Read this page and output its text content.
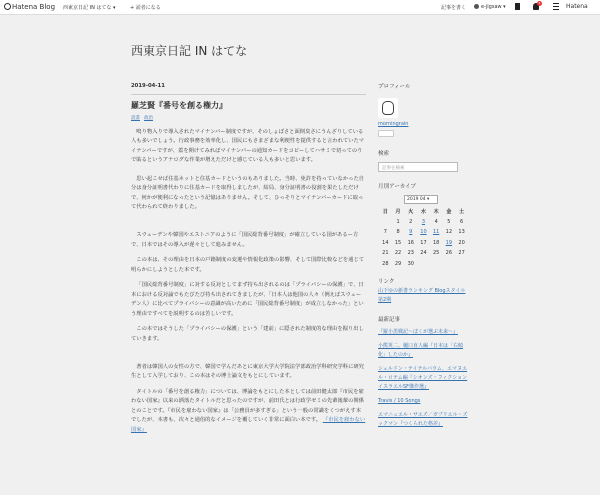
Hatena Blog 西東京日記 IN はてな ▾	+ 読者になる	記事を書く	e-jigsaw ▾
4	Hatena
西東京日記 IN はてな
2019-04-11
羅芝賢『番号を創る権力』
読書 政治
鳴り物入りで導入されたマイナンバー制度ですが、そのしょぼさと面倒臭さにうんざりしている人も多いでしょう。行政事務を効率化し、国民にもさまざまな利便性を提供すると言われていたマイナンバーですが、蓋を開けてみればマイナンバーの通知カードをコピーしてハサミで切ってのりで貼るというアナログな作業が増えただけと感じている人も多いと思います。
思い起こせば住基ネットと住基カードというのもありました。当時、免許を持っていなかった自分は身分証明書代わりに住基カードを取得しましたが、結局、身分証明書の役割を果たしただけで、何かが便利になったという記憶はありません。そして、ひっそりとマイナンバーカードに取って代わられて終わりました。
スウェーデンや韓国やエストニアのように「国民総背番号制度」が確立している国があるー方で、日本ではその導入が遅々として進みません。
この本は、その理由を日本の戸籍制度の変遷や情報化政策の影響、そして国際比較などを通じて明らかにしようとした本です。
「国民総背番号制度」に対する反対としてまず持ち出されるのは「プライバシーの保護」で、日本における反対論でもたびたび持ち出されてきましたが、「日本人は他国の人々（例えばスウェーデン人）に比べてプライバシーの意識が高いために「国民総背番号制度」が成立しなかった」という理由ですべてを説明するのは苦しいです。
この本ではそうした「プライバシーの保護」という「建前」に隠された制度的な理由を掘り出していきます。
著者は韓国人の女性の方で、韓国で学んだあとに東京大学大学院法学部政治学科研究学科に研究生として入学しており、この本はその博士論文をもとにしています。
タイトルの「番号を創る権力」については、博論をもとにした本としては前田健太郎『市民を雇わない国家』以来の洒落たタイトルだと思ったのですが、前田氏とは行政学ゼミの先輩後輩の関係とのことです。『市民を雇わない国家』は「公務員が多すぎる」という一般の常識をくつがえす本でしたが、本書も、次々と通俗的なイメージを覆していく非常に面白い本です。 『市民を雇わない国家』
プロフィール
morningrain
検索
記事を検索
月別アーカイブ
2019 04 ▾
日	月	火	水	木	金	土
	1	2	3	4	5	6
7	8	9	10	11	12	13
14	15	16	17	18	19	20
21	22	23	24	25	26	27
28	29	30				
リンク
山下ゆの新書ランキング Blogスタイル第2期
最新記事
『羅小黒戦記〜ぼくが選ぶ未来〜』
小熊英二、樋口直人編『日本は「右傾化」したのか』
シェルドン・テイテルバウム、エマヌエル・ロテム編『シオンズ・フィクション イスラエルSF傑作選』
Travis / 10 Songs
エマニュエル・サエズ／ガブリエル・ズックマン『つくられた格差』
